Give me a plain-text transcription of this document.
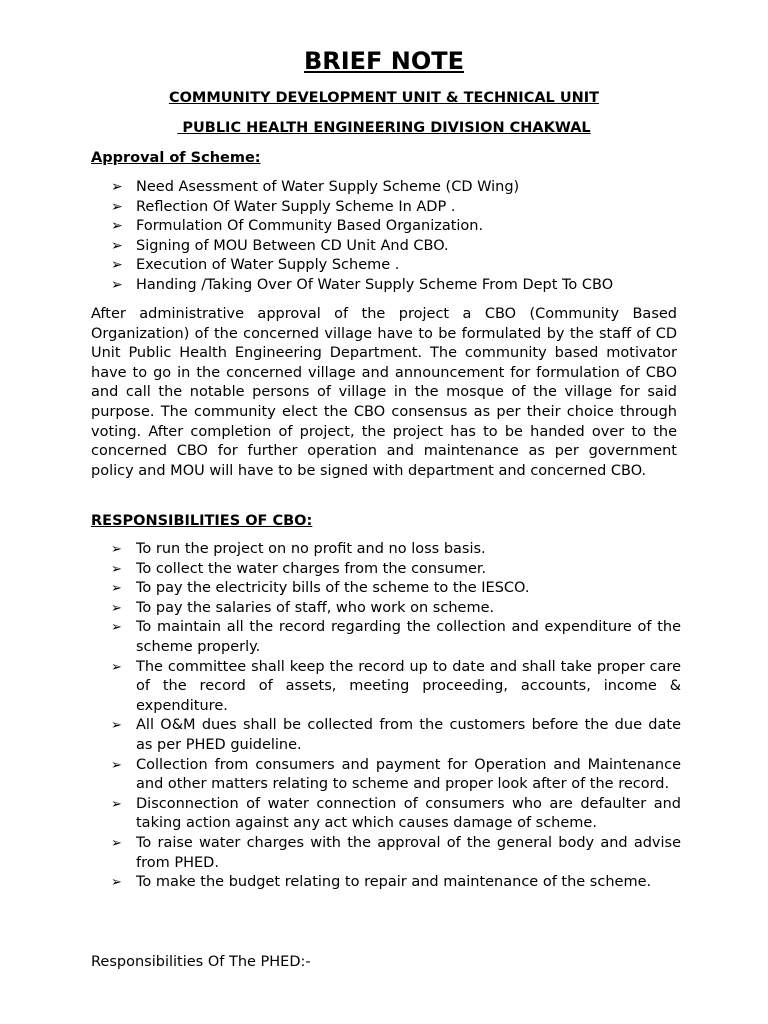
BRIEF NOTE
COMMUNITY DEVELOPMENT UNIT & TECHNICAL UNIT
PUBLIC HEALTH ENGINEERING DIVISION CHAKWAL
Approval of Scheme:
➢ Need Asessment of Water Supply Scheme (CD Wing)
➢ Reflection Of Water Supply Scheme In ADP .
➢ Formulation Of Community Based Organization.
➢ Signing of MOU Between CD Unit And CBO.
➢ Execution of Water Supply Scheme .
➢ Handing /Taking Over Of Water Supply Scheme From Dept To CBO

After administrative approval of the project a CBO (Community Based Organization) of the concerned village have to be formulated by the staff of CD Unit Public Health Engineering Department. The community based motivator have to go in the concerned village and announcement for formulation of CBO and call the notable persons of village in the mosque of the village for said purpose. The community elect the CBO consensus as per their choice through voting. After completion of project, the project has to be handed over to the concerned CBO for further operation and maintenance as per government policy and MOU will have to be signed with department and concerned CBO.

RESPONSIBILITIES OF CBO:
➢ To run the project on no profit and no loss basis.
➢ To collect the water charges from the consumer.
➢ To pay the electricity bills of the scheme to the IESCO.
➢ To pay the salaries of staff, who work on scheme.
➢ To maintain all the record regarding the collection and expenditure of the scheme properly.
➢ The committee shall keep the record up to date and shall take proper care of the record of assets, meeting proceeding, accounts, income & expenditure.
➢ All O&M dues shall be collected from the customers before the due date as per PHED guideline.
➢ Collection from consumers and payment for Operation and Maintenance and other matters relating to scheme and proper look after of the record.
➢ Disconnection of water connection of consumers who are defaulter and taking action against any act which causes damage of scheme.
➢ To raise water charges with the approval of the general body and advise from PHED.
➢ To make the budget relating to repair and maintenance of the scheme.
Responsibilities Of The PHED:-
